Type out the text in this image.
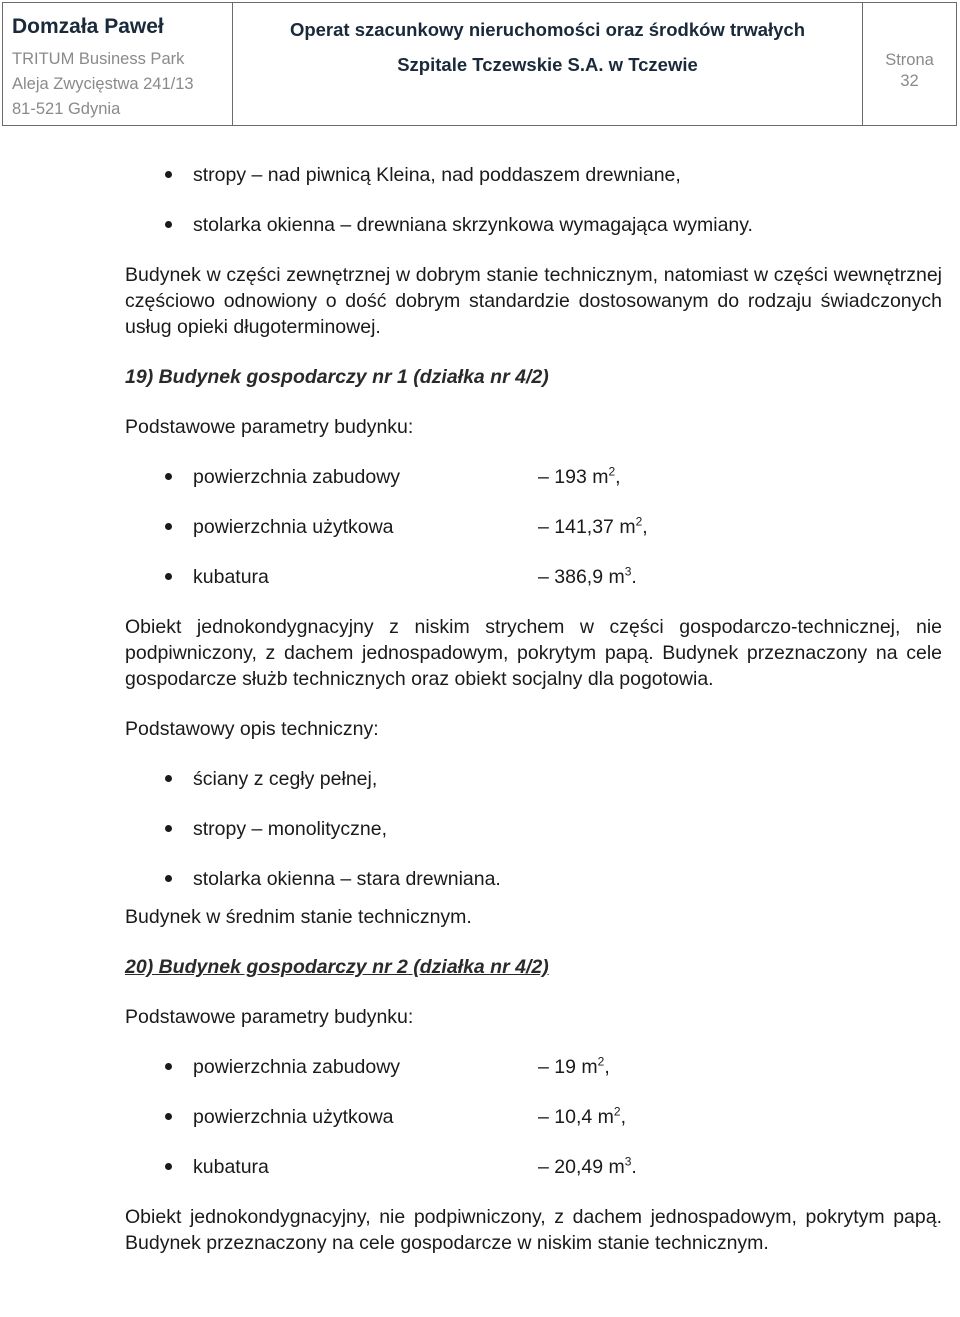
Domzała Paweł
TRITUM Business Park
Aleja Zwycięstwa 241/13
81-521 Gdynia
Operat szacunkowy nieruchomości oraz środków trwałych
Szpitale Tczewskie S.A. w Tczewie	Strona
32
stropy – nad piwnicą Kleina, nad poddaszem drewniane,
stolarka okienna – drewniana skrzynkowa wymagająca wymiany.

Budynek w części zewnętrznej w dobrym stanie technicznym, natomiast w części wewnętrznej częściowo odnowiony o dość dobrym standardzie dostosowanym do rodzaju świadczonych usług opieki długoterminowej.

19) Budynek gospodarczy nr 1 (działka nr 4/2)

Podstawowe parametry budynku:

powierzchnia zabudowy	– 193 $m^2$,
powierzchnia użytkowa	– 141,37 $m^2$,
kubatura	– 386,9 $m^3$.

Obiekt jednokondygnacyjny z niskim strychem w części gospodarczo-technicznej, nie podpiwniczony, z dachem jednospadowym, pokrytym papą. Budynek przeznaczony na cele gospodarcze służb technicznych oraz obiekt socjalny dla pogotowia.

Podstawowy opis techniczny:

ściany z cegły pełnej,
stropy – monolityczne,
stolarka okienna – stara drewniana.

Budynek w średnim stanie technicznym.

20) Budynek gospodarczy nr 2 (działka nr 4/2)

Podstawowe parametry budynku:

powierzchnia zabudowy	– 19 $m^2$,
powierzchnia użytkowa	– 10,4 $m^2$,
kubatura	– 20,49 $m^3$.

Obiekt jednokondygnacyjny, nie podpiwniczony, z dachem jednospadowym, pokrytym papą. Budynek przeznaczony na cele gospodarcze w niskim stanie technicznym.
